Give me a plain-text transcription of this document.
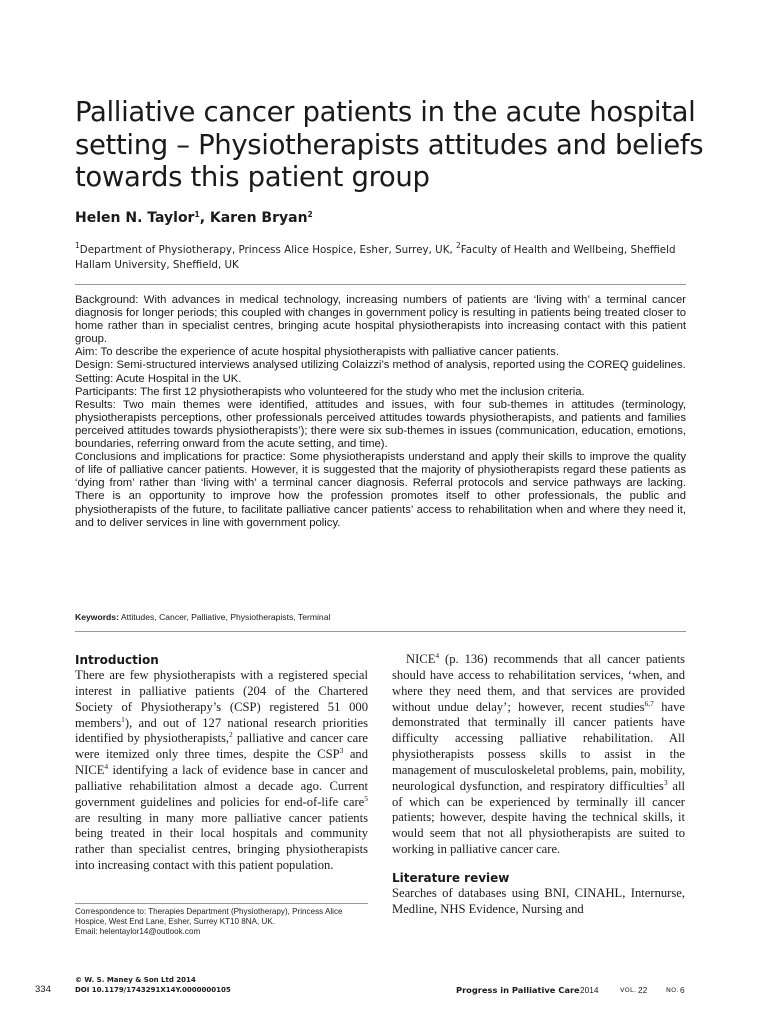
Palliative cancer patients in the acute hospital setting – Physiotherapists attitudes and beliefs towards this patient group

Helen N. Taylor$^1$, Karen Bryan$^2$

$^1$Department of Physiotherapy, Princess Alice Hospice, Esher, Surrey, UK, $^2$Faculty of Health and Wellbeing, Sheffield Hallam University, Sheffield, UK

Background: With advances in medical technology, increasing numbers of patients are ‘living with’ a terminal cancer diagnosis for longer periods; this coupled with changes in government policy is resulting in patients being treated closer to home rather than in specialist centres, bringing acute hospital physiotherapists into increasing contact with this patient group.

Aim: To describe the experience of acute hospital physiotherapists with palliative cancer patients.

Design: Semi-structured interviews analysed utilizing Colaizzi’s method of analysis, reported using the COREQ guidelines.

Setting: Acute Hospital in the UK.

Participants: The first 12 physiotherapists who volunteered for the study who met the inclusion criteria.

Results: Two main themes were identified, attitudes and issues, with four sub-themes in attitudes (terminology, physiotherapists perceptions, other professionals perceived attitudes towards physiotherapists, and patients and families perceived attitudes towards physiotherapists’); there were six sub-themes in issues (communication, education, emotions, boundaries, referring onward from the acute setting, and time).

Conclusions and implications for practice: Some physiotherapists understand and apply their skills to improve the quality of life of palliative cancer patients. However, it is suggested that the majority of physiotherapists regard these patients as ‘dying from’ rather than ‘living with’ a terminal cancer diagnosis. Referral protocols and service pathways are lacking. There is an opportunity to improve how the profession promotes itself to other professionals, the public and physiotherapists of the future, to facilitate palliative cancer patients’ access to rehabilitation when and where they need it, and to deliver services in line with government policy.

Keywords: Attitudes, Cancer, Palliative, Physiotherapists, Terminal

Introduction

There are few physiotherapists with a registered special interest in palliative patients (204 of the Chartered Society of Physiotherapy’s (CSP) registered 51 000 members$^1$), and out of 127 national research priorities identified by physiotherapists,$^2$ palliative and cancer care were itemized only three times, despite the CSP$^3$ and NICE$^4$ identifying a lack of evidence base in cancer and palliative rehabilitation almost a decade ago. Current government guidelines and policies for end-of-life care$^5$ are resulting in many more palliative cancer patients being treated in their local hospitals and community rather than specialist centres, bringing physiotherapists into increasing contact with this patient population.

NICE$^4$ (p. 136) recommends that all cancer patients should have access to rehabilitation services, ‘when, and where they need them, and that services are provided without undue delay’; however, recent studies$^{6,7}$ have demonstrated that terminally ill cancer patients have difficulty accessing palliative rehabilitation. All physiotherapists possess skills to assist in the management of musculoskeletal problems, pain, mobility, neurological dysfunction, and respiratory difficulties$^3$ all of which can be experienced by terminally ill cancer patients; however, despite having the technical skills, it would seem that not all physiotherapists are suited to working in palliative cancer care.

Literature review

Searches of databases using BNI, CINAHL, Internurse, Medline, NHS Evidence, Nursing and

Correspondence to: Therapies Department (Physiotherapy), Princess Alice Hospice, West End Lane, Esher, Surrey KT10 8NA, UK.

Email: helentaylor14@outlook.com

334
© W. S. Maney & Son Ltd 2014
DOI 10.1179/1743291X14Y.0000000105	Progress in Palliative Care 2014	VOL. 22	NO. 6
